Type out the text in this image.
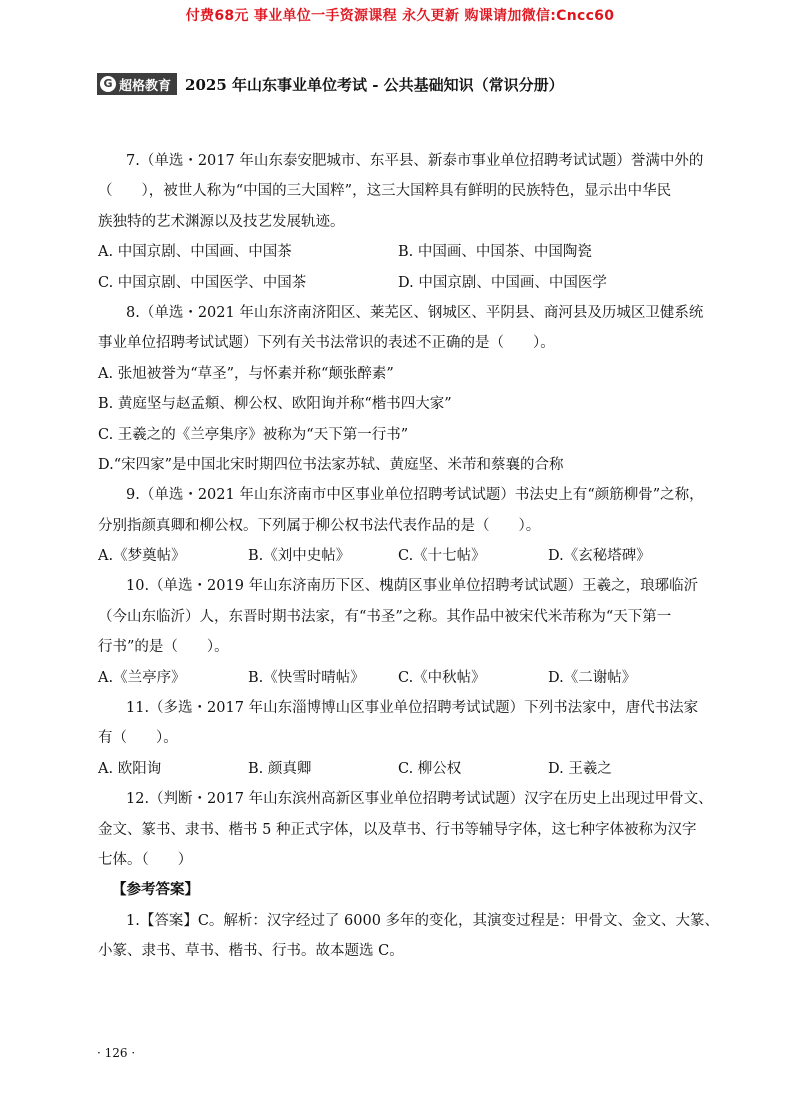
付费68元 事业单位一手资源课程 永久更新 购课请加微信:Cncc60
G 超格教育 2025 年山东事业单位考试 - 公共基础知识（常识分册）
7.（单选・2017 年山东泰安肥城市、东平县、新泰市事业单位招聘考试试题）誉满中外的
（　　），被世人称为“中国的三大国粹”，这三大国粹具有鲜明的民族特色，显示出中华民
族独特的艺术渊源以及技艺发展轨迹。
A. 中国京剧、中国画、中国茶	B. 中国画、中国茶、中国陶瓷
C. 中国京剧、中国医学、中国茶	D. 中国京剧、中国画、中国医学
8.（单选・2021 年山东济南济阳区、莱芜区、钢城区、平阴县、商河县及历城区卫健系统
事业单位招聘考试试题）下列有关书法常识的表述不正确的是（　　）。
A. 张旭被誉为“草圣”，与怀素并称“颠张醉素”
B. 黄庭坚与赵孟頫、柳公权、欧阳询并称“楷书四大家”
C. 王羲之的《兰亭集序》被称为“天下第一行书”
D.“宋四家”是中国北宋时期四位书法家苏轼、黄庭坚、米芾和蔡襄的合称
9.（单选・2021 年山东济南市中区事业单位招聘考试试题）书法史上有“颜筋柳骨”之称，
分别指颜真卿和柳公权。下列属于柳公权书法代表作品的是（　　）。
A.《梦奠帖》	B.《刘中史帖》	C.《十七帖》	D.《玄秘塔碑》
10.（单选・2019 年山东济南历下区、槐荫区事业单位招聘考试试题）王羲之，琅琊临沂
（今山东临沂）人，东晋时期书法家，有“书圣”之称。其作品中被宋代米芾称为“天下第一
行书”的是（　　）。
A.《兰亭序》	B.《快雪时晴帖》	C.《中秋帖》	D.《二谢帖》
11.（多选・2017 年山东淄博博山区事业单位招聘考试试题）下列书法家中，唐代书法家
有（　　）。
A. 欧阳询	B. 颜真卿	C. 柳公权	D. 王羲之
12.（判断・2017 年山东滨州高新区事业单位招聘考试试题）汉字在历史上出现过甲骨文、
金文、篆书、隶书、楷书 5 种正式字体，以及草书、行书等辅导字体，这七种字体被称为汉字
七体。（　　）
【参考答案】
1.【答案】C。解析：汉字经过了 6000 多年的变化，其演变过程是：甲骨文、金文、大篆、
小篆、隶书、草书、楷书、行书。故本题选 C。
· 126 ·
